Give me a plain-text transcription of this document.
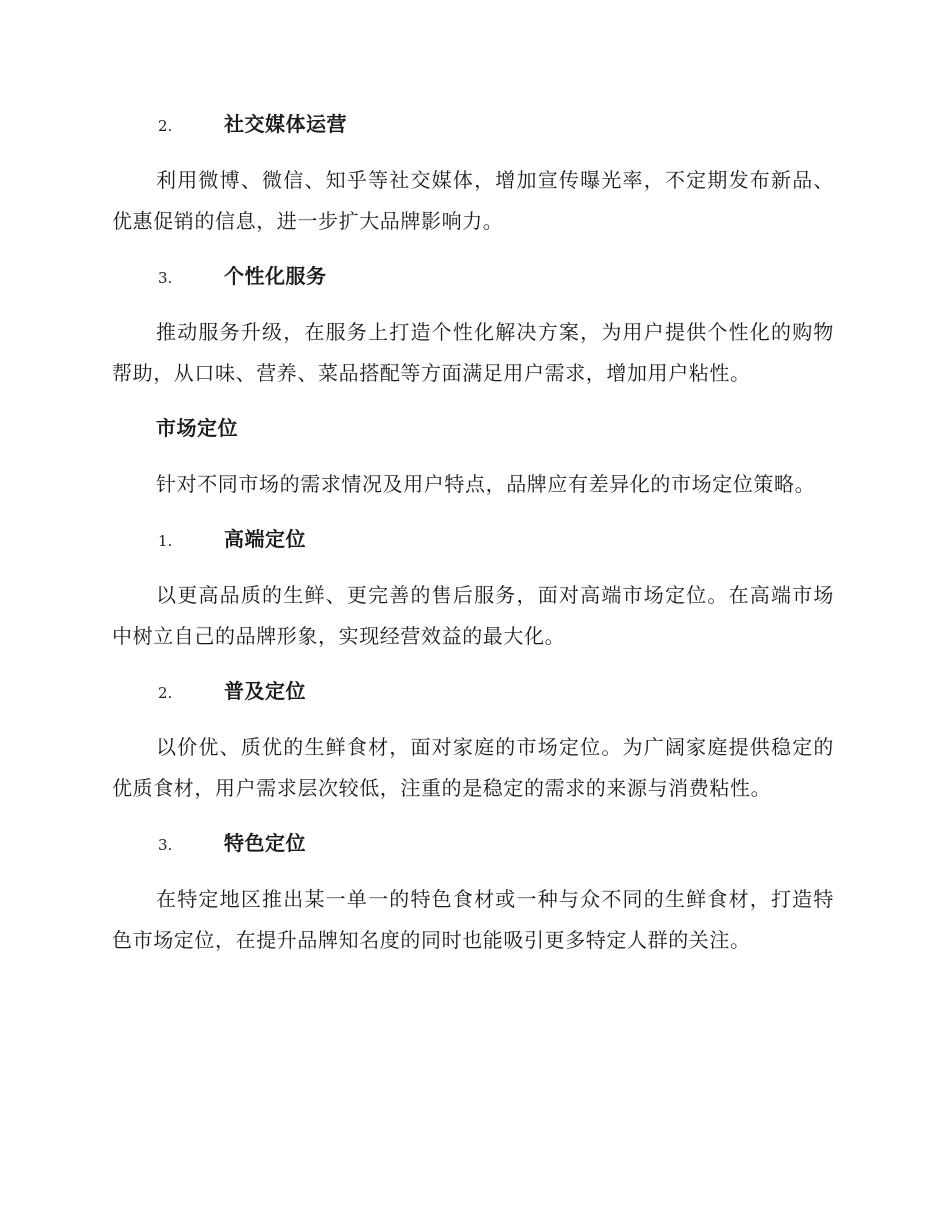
2.	社交媒体运营

利用微博、微信、知乎等社交媒体，增加宣传曝光率，不定期发布新品、优惠促销的信息，进一步扩大品牌影响力。

3.	个性化服务

推动服务升级，在服务上打造个性化解决方案，为用户提供个性化的购物帮助，从口味、营养、菜品搭配等方面满足用户需求，增加用户粘性。

市场定位

针对不同市场的需求情况及用户特点，品牌应有差异化的市场定位策略。

1.	高端定位

以更高品质的生鲜、更完善的售后服务，面对高端市场定位。在高端市场中树立自己的品牌形象，实现经营效益的最大化。

2.	普及定位

以价优、质优的生鲜食材，面对家庭的市场定位。为广阔家庭提供稳定的优质食材，用户需求层次较低，注重的是稳定的需求的来源与消费粘性。

3.	特色定位

在特定地区推出某一单一的特色食材或一种与众不同的生鲜食材，打造特色市场定位，在提升品牌知名度的同时也能吸引更多特定人群的关注。
